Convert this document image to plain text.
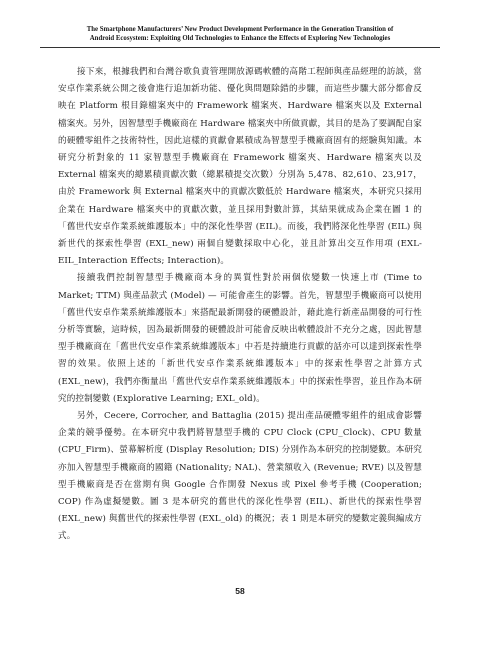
The Smartphone Manufacturers’ New Product Development Performance in the Generation Transition of
Android Ecosystem: Exploiting Old Technologies to Enhance the Effects of Exploring New Technologies

接下來，根據我們和台灣谷歌負責管理開放源碼軟體的高階工程師與產品經理的訪談，當安卓作業系統公開之後會進行追加新功能、優化與問題除錯的步驟，而這些步驟大部分都會反映在 Platform 根目錄檔案夾中的 Framework 檔案夾、Hardware 檔案夾以及 External 檔案夾。另外，因智慧型手機廠商在 Hardware 檔案夾中所做貢獻，其目的是為了要調配自家的硬體零組件之技術特性，因此這樣的貢獻會累積成為智慧型手機廠商固有的經驗與知識。本研究分析對象的 11 家智慧型手機廠商在 Framework 檔案夾、Hardware 檔案夾以及 External 檔案夾的總累積貢獻次數（總累積提交次數）分別為 5,478、82,610、23,917，由於 Framework 與 External 檔案夾中的貢獻次數低於 Hardware 檔案夾，本研究只採用企業在 Hardware 檔案夾中的貢獻次數，並且採用對數計算，其結果就成為企業在圖 1 的「舊世代安卓作業系統維護版本」中的深化性學習 (EIL)。而後，我們將深化性學習 (EIL) 與新世代的探索性學習 (EXL_new) 兩個自變數採取中心化，並且計算出交互作用項 (EXL-EIL_Interaction Effects; Interaction)。

接續我們控制智慧型手機廠商本身的異質性對於兩個依變數一快速上市 (Time to Market; TTM) 與產品款式 (Model) — 可能會產生的影響。首先，智慧型手機廠商可以使用「舊世代安卓作業系統維護版本」來搭配最新開發的硬體設計，藉此進行新產品開發的可行性分析等實驗，這時候，因為最新開發的硬體設計可能會反映出軟體設計不充分之處，因此智慧型手機廠商在「舊世代安卓作業系統維護版本」中若是持續進行貢獻的話亦可以達到探索性學習的效果。依照上述的「新世代安卓作業系統維護版本」中的探索性學習之計算方式 (EXL_new)，我們亦衡量出「舊世代安卓作業系統維護版本」中的探索性學習，並且作為本研究的控制變數 (Explorative Learning; EXL_old)。

另外，Cecere, Corrocher, and Battaglia (2015) 提出產品硬體零組件的組成會影響企業的競爭優勢。在本研究中我們將智慧型手機的 CPU Clock (CPU_Clock)、CPU 數量 (CPU_Firm)、螢幕解析度 (Display Resolution; DIS) 分別作為本研究的控制變數。本研究亦加入智慧型手機廠商的國籍 (Nationality; NAL)、營業額收入 (Revenue; RVE) 以及智慧型手機廠商是否在當期有與 Google 合作開發 Nexus 或 Pixel 參考手機 (Cooperation; COP) 作為虛擬變數。圖 3 是本研究的舊世代的深化性學習 (EIL)、新世代的探索性學習 (EXL_new) 與舊世代的探索性學習 (EXL_old) 的概況；表 1 則是本研究的變數定義與編成方式。

58
